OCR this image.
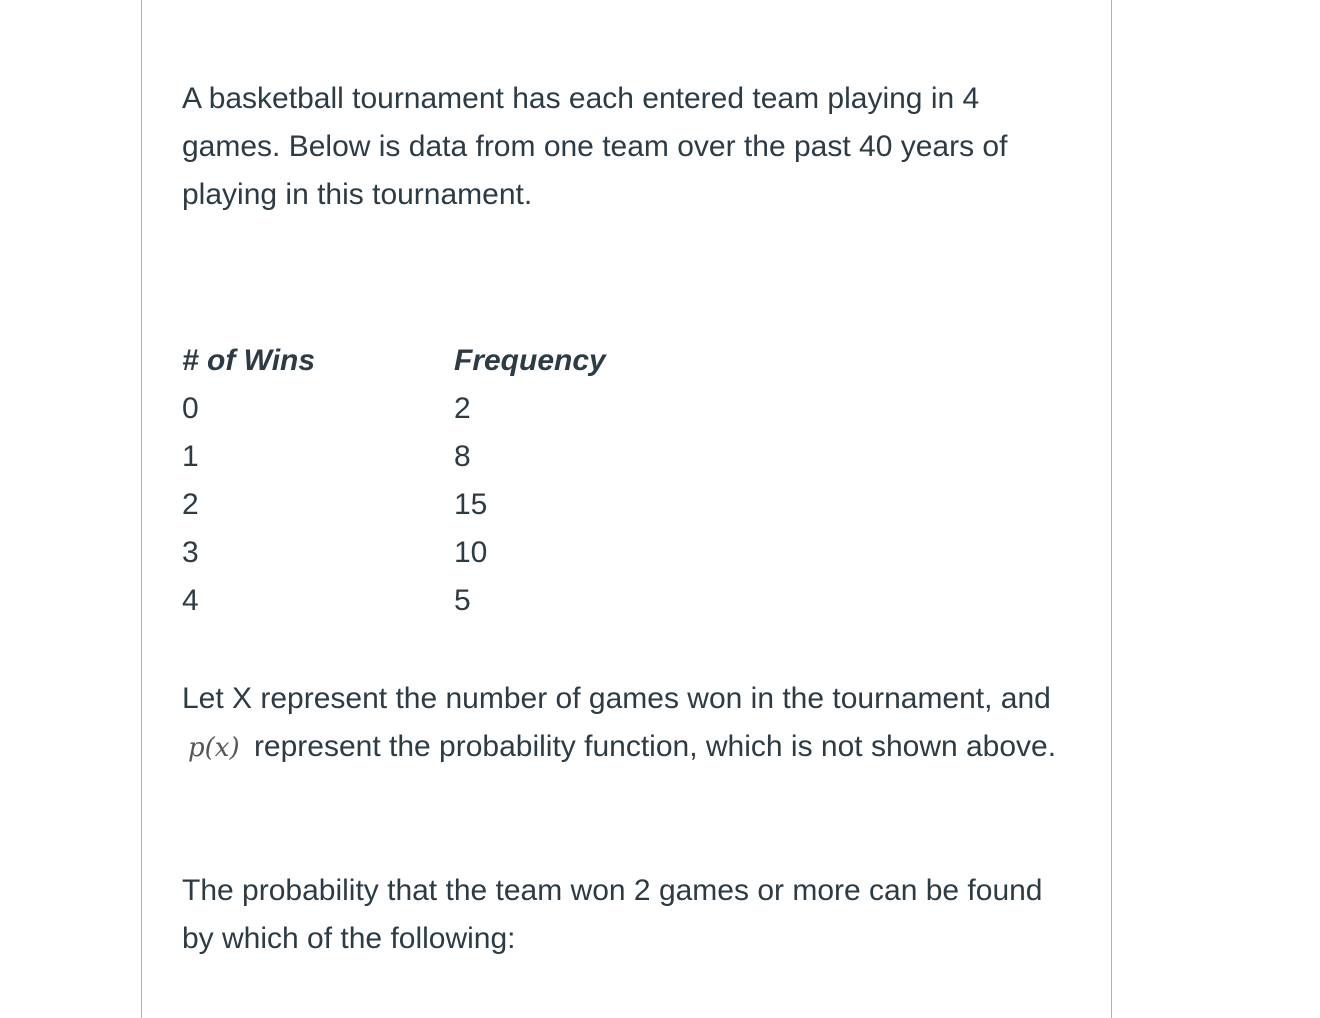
A basketball tournament has each entered team playing in 4 games. Below is data from one team over the past 40 years of playing in this tournament.

# of Wins	Frequency
0	2
1	8
2	15
3	10
4	5

Let X represent the number of games won in the tournament, and p(x) represent the probability function, which is not shown above.

The probability that the team won 2 games or more can be found by which of the following:
